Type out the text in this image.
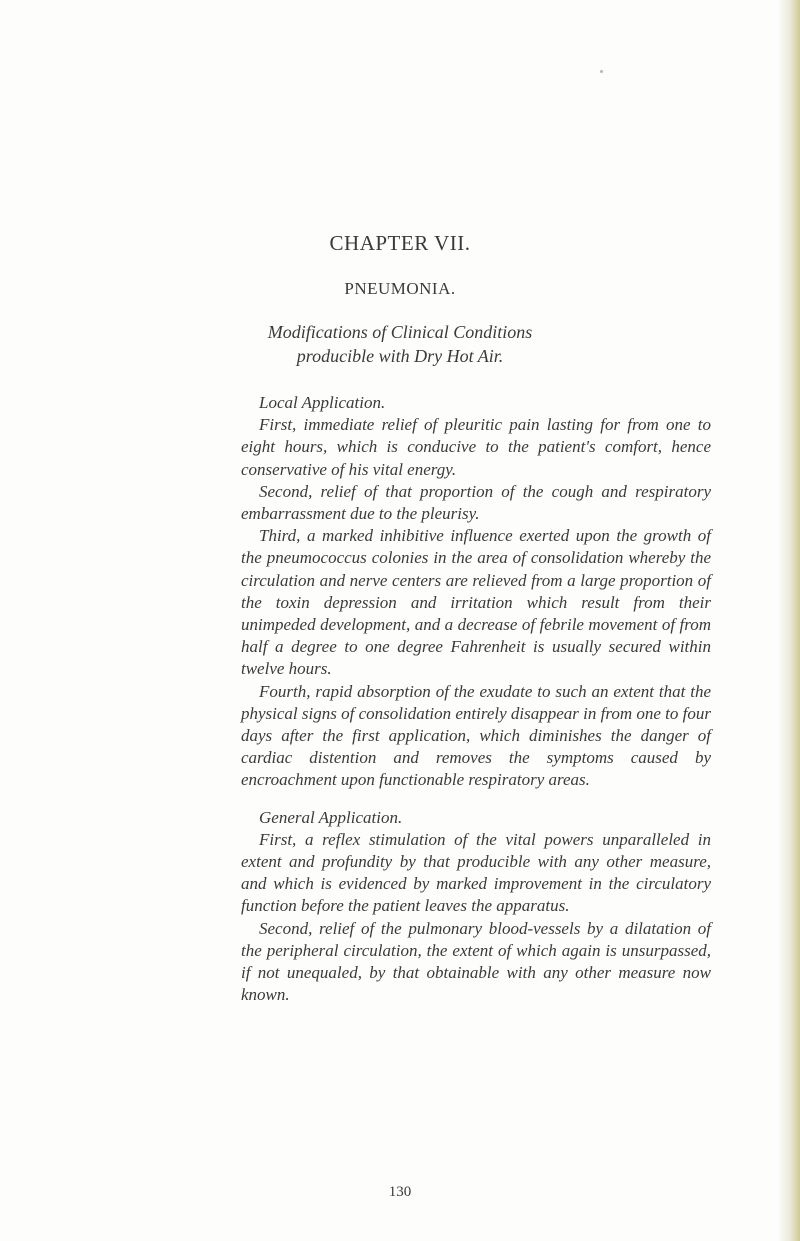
CHAPTER VII.
PNEUMONIA.
Modifications of Clinical Conditions
producible with Dry Hot Air.

Local Application.

First, immediate relief of pleuritic pain lasting for from one to eight hours, which is conducive to the patient's comfort, hence conservative of his vital energy.

Second, relief of that proportion of the cough and respiratory embarrassment due to the pleurisy.

Third, a marked inhibitive influence exerted upon the growth of the pneumococcus colonies in the area of consolidation whereby the circulation and nerve centers are relieved from a large proportion of the toxin depression and irritation which result from their unimpeded development, and a decrease of febrile movement of from half a degree to one degree Fahrenheit is usually secured within twelve hours.

Fourth, rapid absorption of the exudate to such an extent that the physical signs of consolidation entirely disappear in from one to four days after the first application, which diminishes the danger of cardiac distention and removes the symptoms caused by encroachment upon functionable respiratory areas.

General Application.

First, a reflex stimulation of the vital powers unparalleled in extent and profundity by that producible with any other measure, and which is evidenced by marked improvement in the circulatory function before the patient leaves the apparatus.

Second, relief of the pulmonary blood-vessels by a dilatation of the peripheral circulation, the extent of which again is unsurpassed, if not unequaled, by that obtainable with any other measure now known.

130
